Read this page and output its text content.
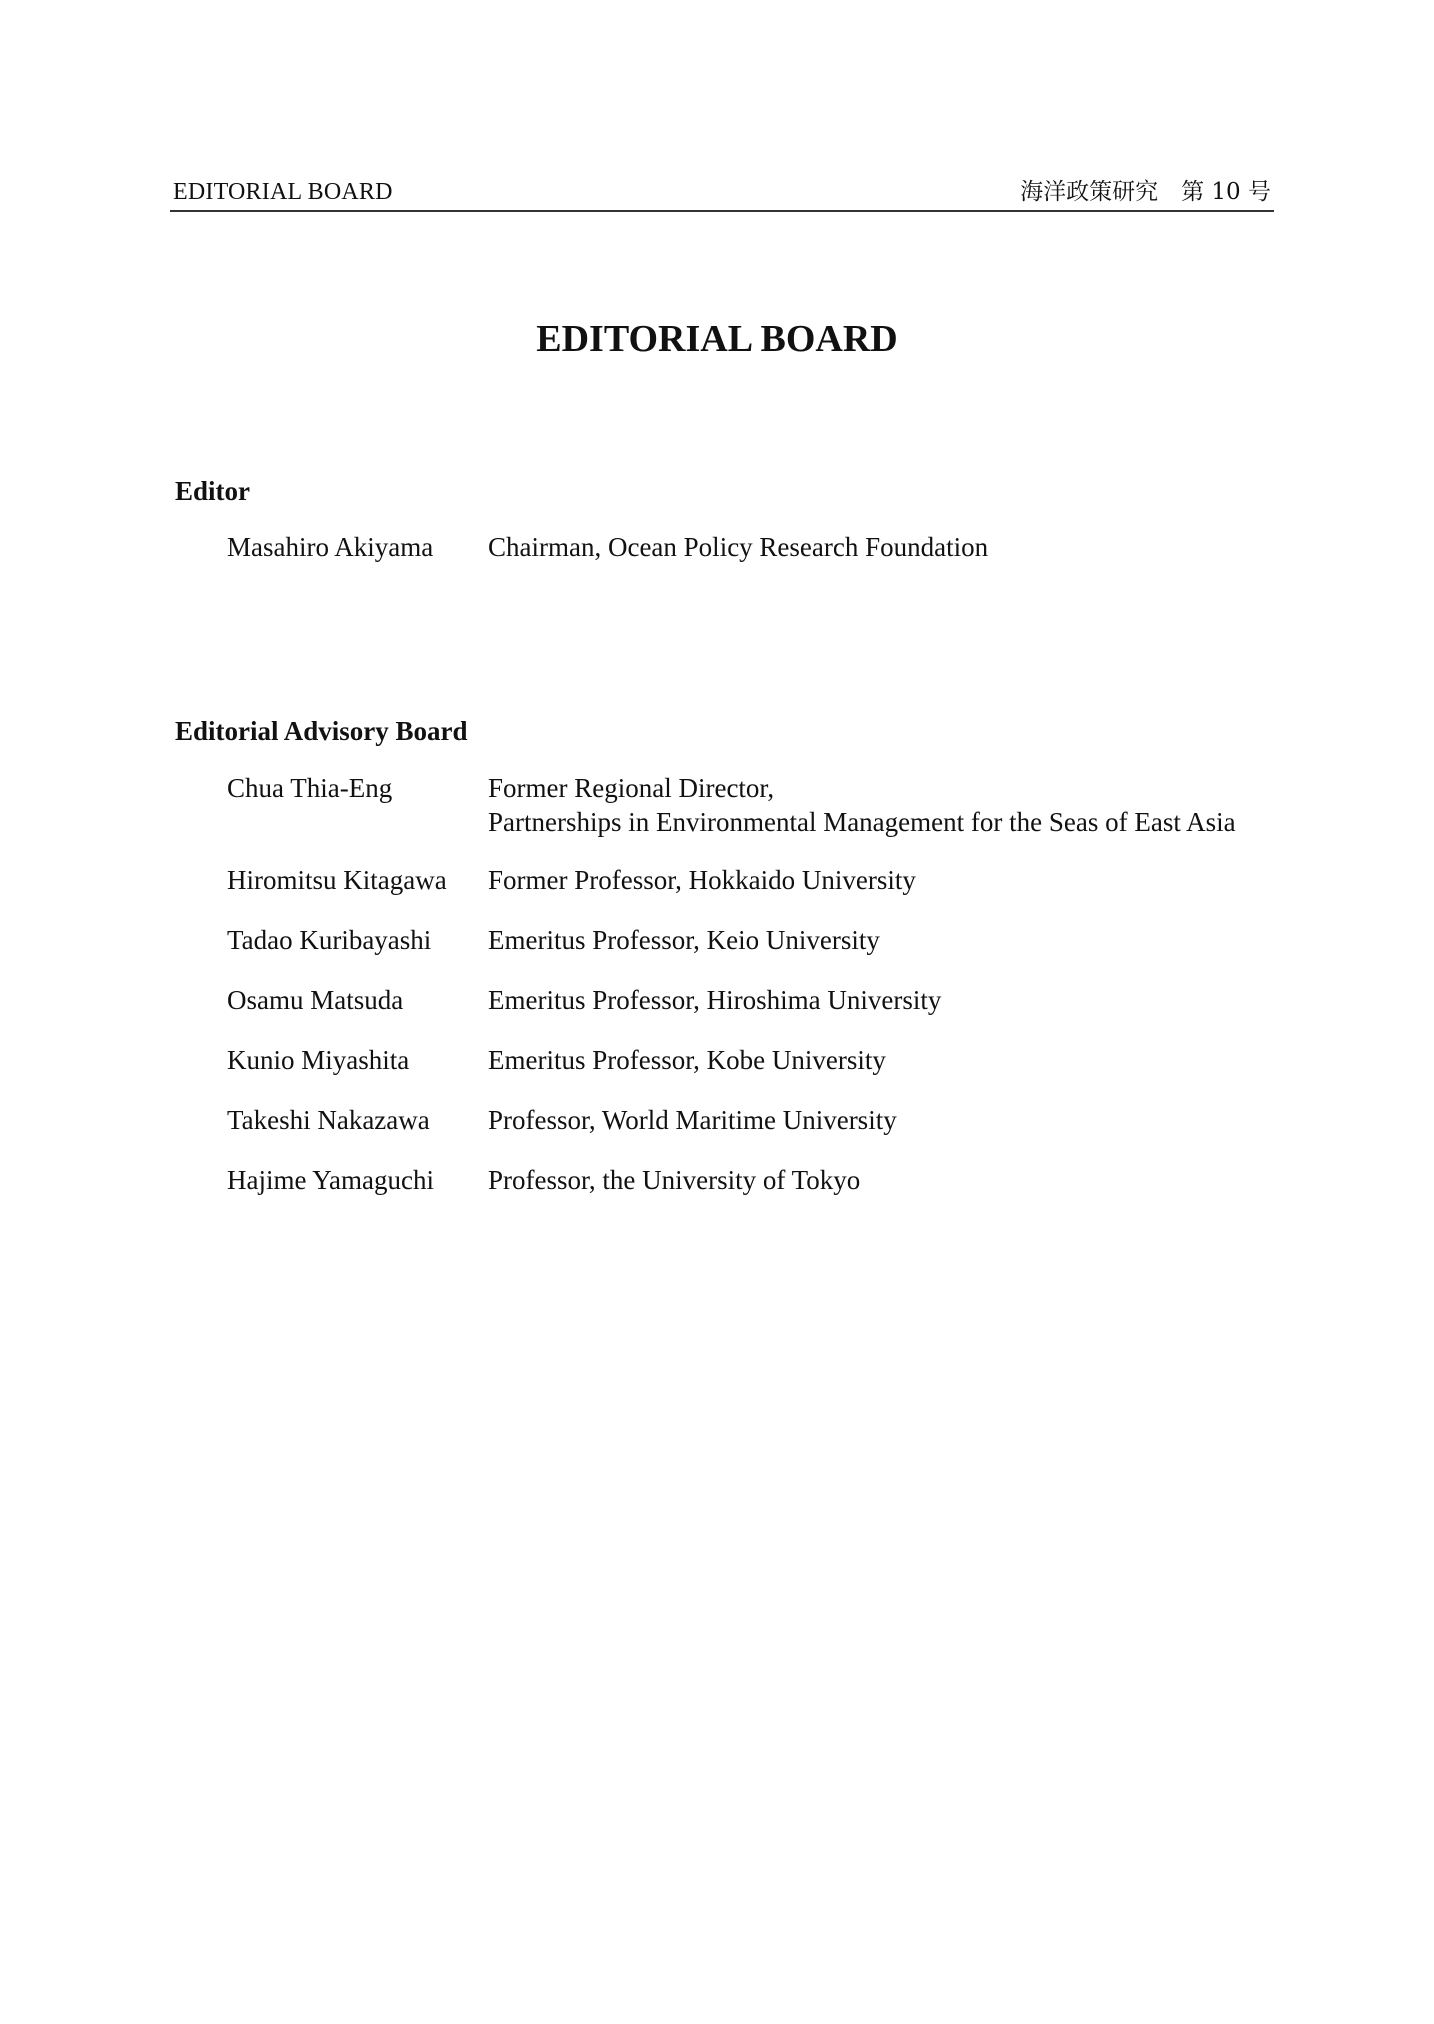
EDITORIAL BOARD	海洋政策研究　第 10 号
EDITORIAL BOARD
Editor
Masahiro Akiyama Chairman, Ocean Policy Research Foundation
Editorial Advisory Board
Chua Thia-Eng	Former Regional Director,
Partnerships in Environmental Management for the Seas of East Asia
Hiromitsu Kitagawa Former Professor, Hokkaido University
Tadao Kuribayashi Emeritus Professor, Keio University
Osamu Matsuda	Emeritus Professor, Hiroshima University
Kunio Miyashita	Emeritus Professor, Kobe University
Takeshi Nakazawa Professor, World Maritime University
Hajime Yamaguchi Professor, the University of Tokyo
